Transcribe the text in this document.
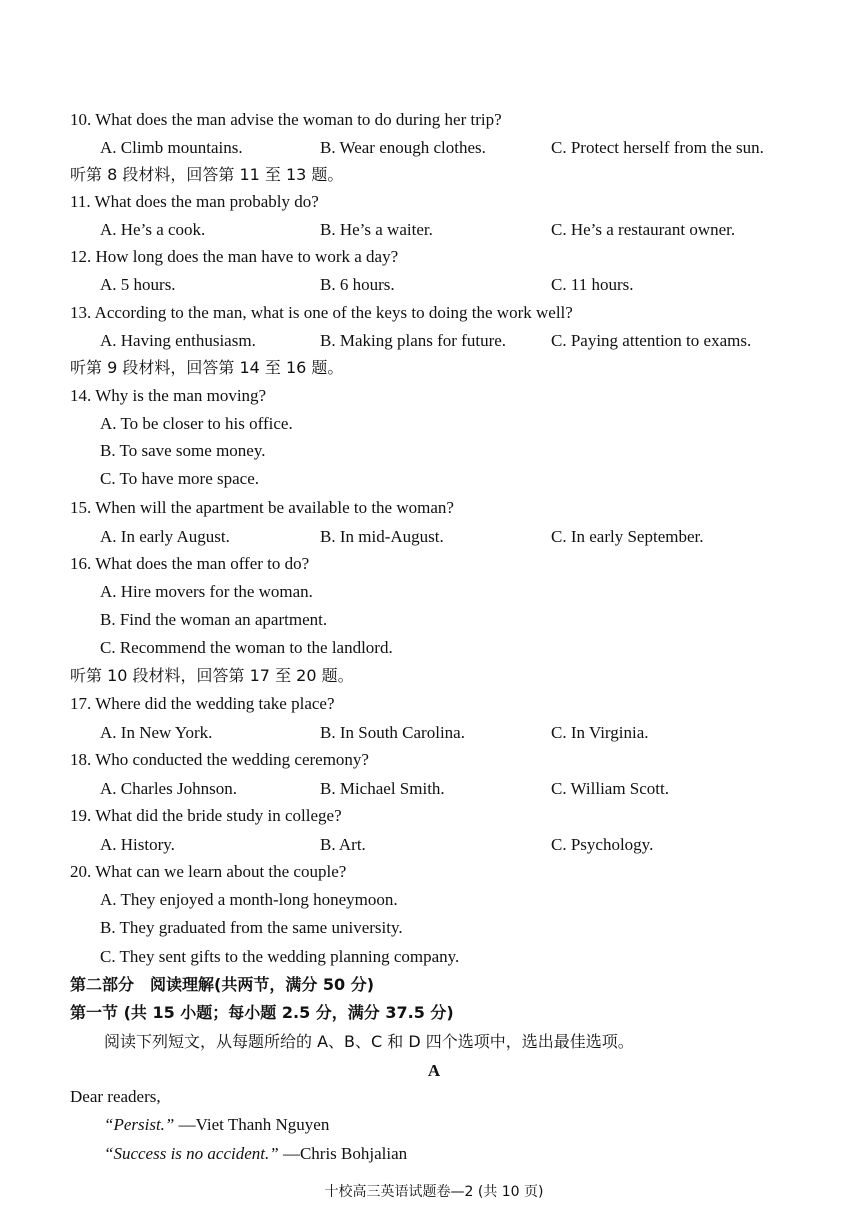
10. What does the man advise the woman to do during her trip?
A. Climb mountains.	B. Wear enough clothes.	C. Protect herself from the sun.
听第 8 段材料，回答第 11 至 13 题。
11. What does the man probably do?
A. He’s a cook.	B. He’s a waiter.	C. He’s a restaurant owner.
12. How long does the man have to work a day?
A. 5 hours.	B. 6 hours.	C. 11 hours.
13. According to the man, what is one of the keys to doing the work well?
A. Having enthusiasm.	B. Making plans for future.	C. Paying attention to exams.
听第 9 段材料，回答第 14 至 16 题。
14. Why is the man moving?
A. To be closer to his office.
B. To save some money.
C. To have more space.
15. When will the apartment be available to the woman?
A. In early August.	B. In mid-August.	C. In early September.
16. What does the man offer to do?
A. Hire movers for the woman.
B. Find the woman an apartment.
C. Recommend the woman to the landlord.
听第 10 段材料，回答第 17 至 20 题。
17. Where did the wedding take place?
A. In New York.	B. In South Carolina.	C. In Virginia.
18. Who conducted the wedding ceremony?
A. Charles Johnson.	B. Michael Smith.	C. William Scott.
19. What did the bride study in college?
A. History.	B. Art.	C. Psychology.
20. What can we learn about the couple?
A. They enjoyed a month-long honeymoon.
B. They graduated from the same university.
C. They sent gifts to the wedding planning company.
第二部分　阅读理解(共两节，满分 50 分)
第一节 (共 15 小题；每小题 2.5 分，满分 37.5 分)
阅读下列短文，从每题所给的 A、B、C 和 D 四个选项中，选出最佳选项。
A
Dear readers,
“Persist.” —Viet Thanh Nguyen
“Success is no accident.” —Chris Bohjalian
十校高三英语试题卷—2 (共 10 页)
